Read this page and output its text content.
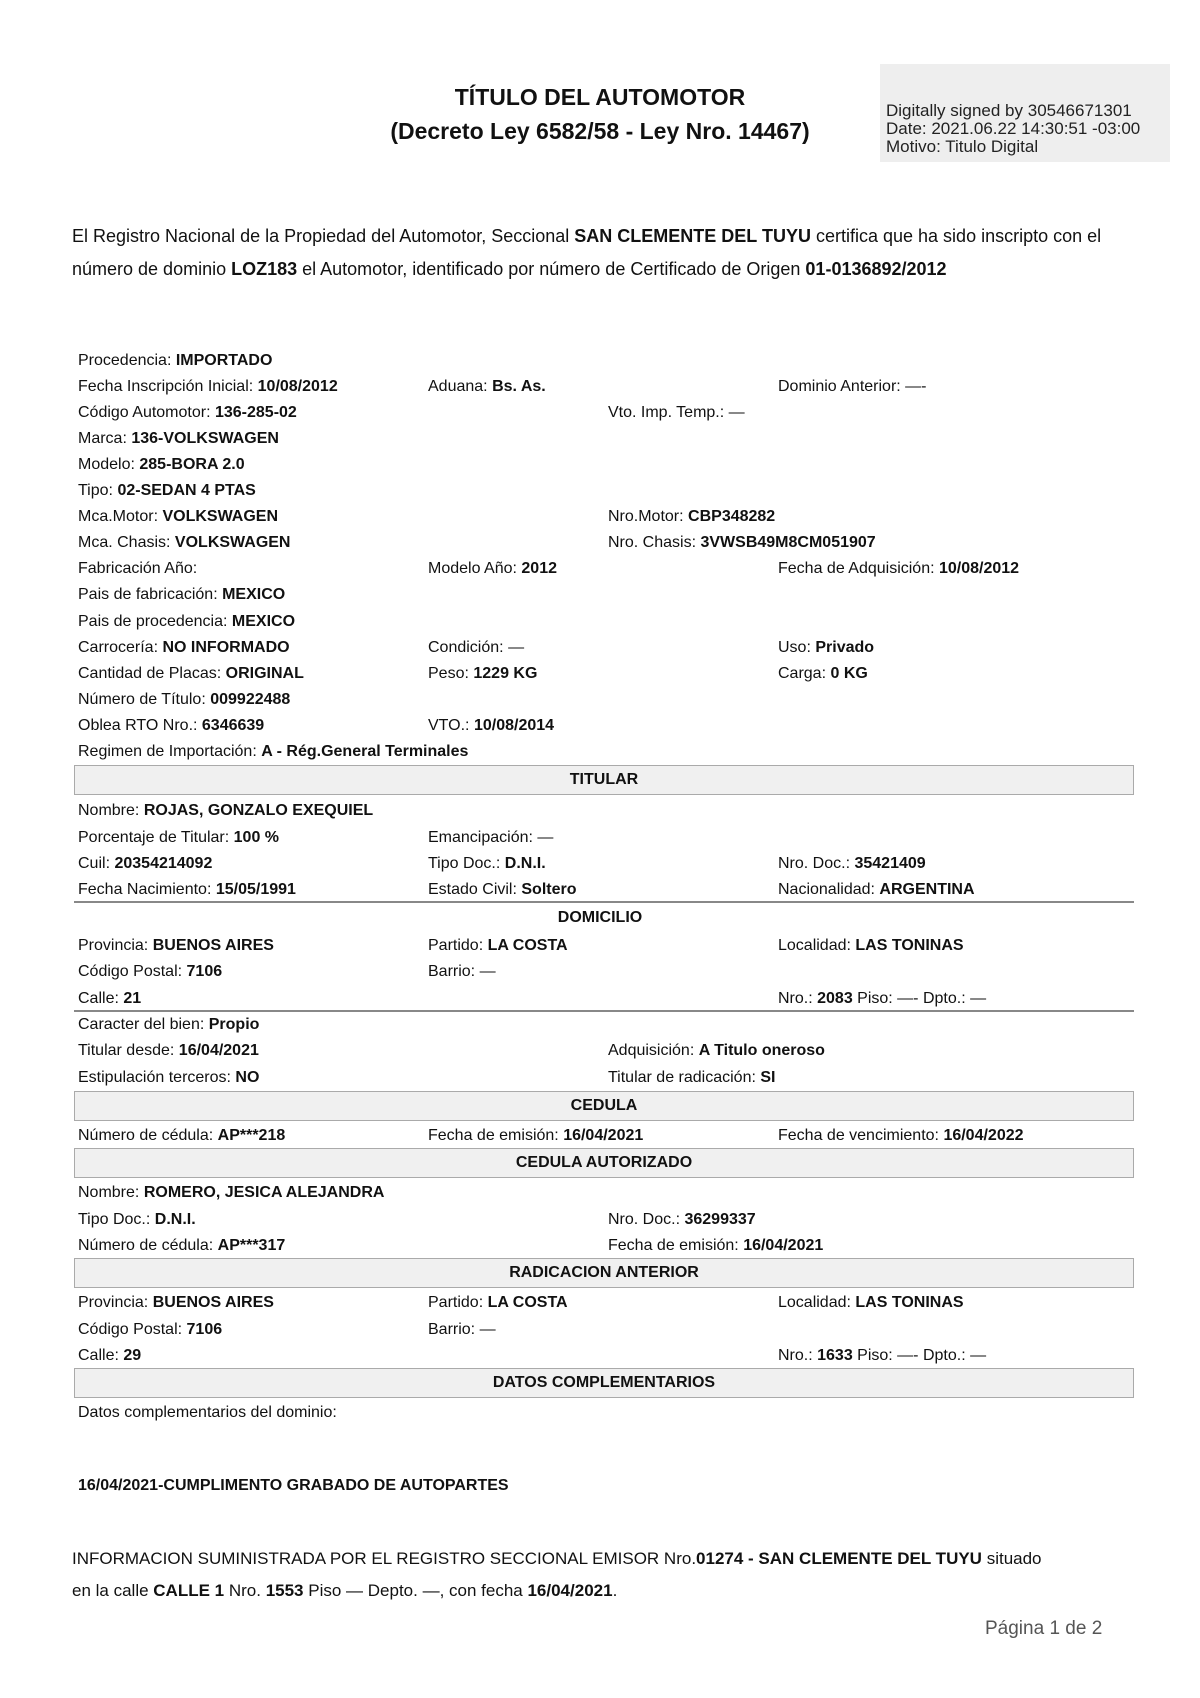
TÍTULO DEL AUTOMOTOR
(Decreto Ley 6582/58 - Ley Nro. 14467)
Digitally signed by 30546671301
Date: 2021.06.22 14:30:51 -03:00
Motivo: Titulo Digital
El Registro Nacional de la Propiedad del Automotor, Seccional SAN CLEMENTE DEL TUYU certifica que ha sido inscripto con el número de dominio LOZ183 el Automotor, identificado por número de Certificado de Origen 01-0136892/2012
Procedencia: IMPORTADO
Fecha Inscripción Inicial: 10/08/2012	Aduana: Bs. As.	Dominio Anterior: —-
Código Automotor: 136-285-02	Vto. Imp. Temp.: —
Marca: 136-VOLKSWAGEN
Modelo: 285-BORA 2.0
Tipo: 02-SEDAN 4 PTAS
Mca.Motor: VOLKSWAGEN	Nro.Motor: CBP348282
Mca. Chasis: VOLKSWAGEN	Nro. Chasis: 3VWSB49M8CM051907
Fabricación Año:	Modelo Año: 2012	Fecha de Adquisición: 10/08/2012
Pais de fabricación: MEXICO
Pais de procedencia: MEXICO
Carrocería: NO INFORMADO	Condición: —	Uso: Privado
Cantidad de Placas: ORIGINAL	Peso: 1229 KG	Carga: 0 KG
Número de Título: 009922488
Oblea RTO Nro.: 6346639	VTO.: 10/08/2014
Regimen de Importación: A - Rég.General Terminales
TITULAR
Nombre: ROJAS, GONZALO EXEQUIEL
Porcentaje de Titular: 100 %	Emancipación: —
Cuil: 20354214092	Tipo Doc.: D.N.I.	Nro. Doc.: 35421409
Fecha Nacimiento: 15/05/1991	Estado Civil: Soltero	Nacionalidad: ARGENTINA
DOMICILIO
Provincia: BUENOS AIRES	Partido: LA COSTA	Localidad: LAS TONINAS
Código Postal: 7106	Barrio: —
Calle: 21	Nro.: 2083 Piso: —- Dpto.: —
Caracter del bien: Propio
Titular desde: 16/04/2021	Adquisición: A Titulo oneroso
Estipulación terceros: NO	Titular de radicación: SI
CEDULA
Número de cédula: AP***218	Fecha de emisión: 16/04/2021	Fecha de vencimiento: 16/04/2022
CEDULA AUTORIZADO
Nombre: ROMERO, JESICA ALEJANDRA
Tipo Doc.: D.N.I.	Nro. Doc.: 36299337
Número de cédula: AP***317	Fecha de emisión: 16/04/2021
RADICACION ANTERIOR
Provincia: BUENOS AIRES	Partido: LA COSTA	Localidad: LAS TONINAS
Código Postal: 7106	Barrio: —
Calle: 29	Nro.: 1633 Piso: —- Dpto.: —
DATOS COMPLEMENTARIOS
Datos complementarios del dominio:
16/04/2021-CUMPLIMENTO GRABADO DE AUTOPARTES
INFORMACION SUMINISTRADA POR EL REGISTRO SECCIONAL EMISOR Nro.01274 - SAN CLEMENTE DEL TUYU situado
en la calle CALLE 1 Nro. 1553 Piso — Depto. —, con fecha 16/04/2021.
Página 1 de 2
